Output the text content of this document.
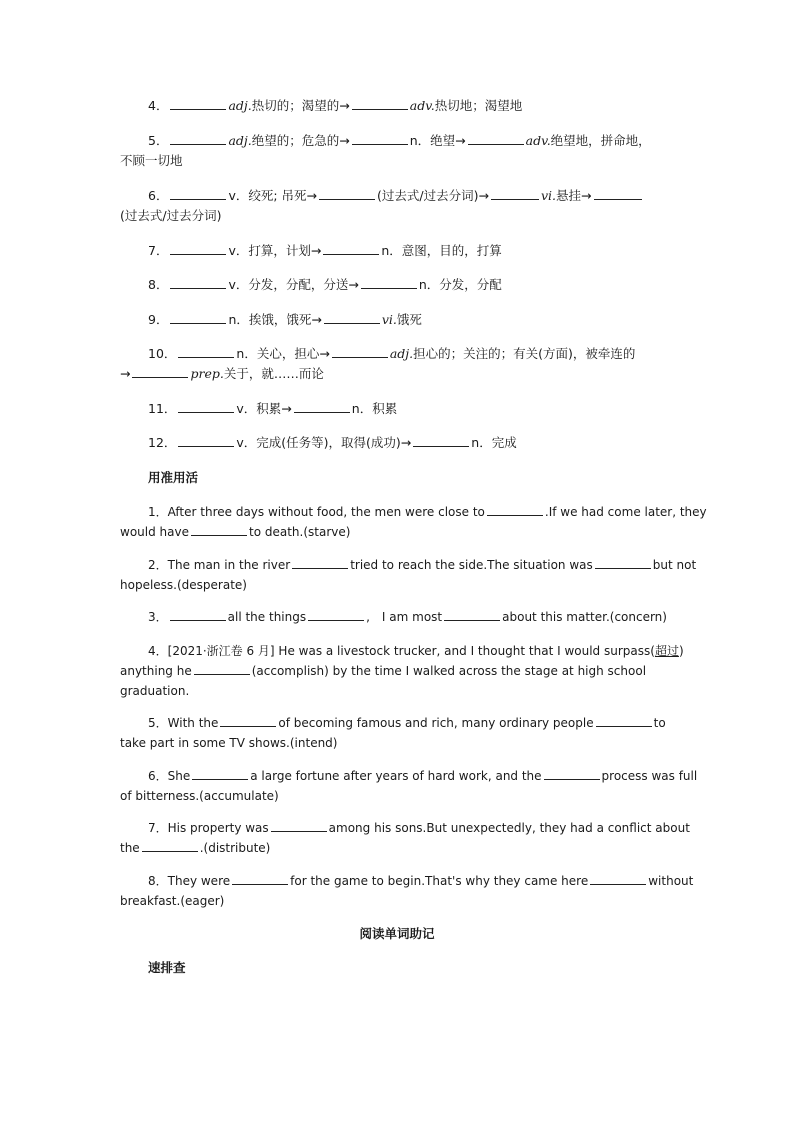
4．	adj.热切的；渴望的→	adv.热切地；渴望地
5．	adj.绝望的；危急的→	n．绝望→	adv.绝望地，拼命地，
不顾一切地
6．	v．绞死; 吊死→	(过去式/过去分词)→	vi.悬挂→
(过去式/过去分词)
7．	v．打算，计划→	n．意图，目的，打算
8．	v．分发，分配，分送→	n．分发，分配
9．	n．挨饿，饿死→	vi.饿死
10．	n．关心，担心→	adj.担心的；关注的；有关(方面)，被牵连的
→	prep.关于，就……而论
11．	v．积累→	n．积累
12．	v．完成(任务等)，取得(成功)→	n．完成
用准用活
1．After three days without food, the men were close to	.If we had come later, they
would have	to death.(starve)
2．The man in the river	tried to reach the side.The situation was	but not
hopeless.(desperate)
3．	all the things	,　I am most	about this matter.(concern)
4．[2021·浙江卷 6 月] He was a livestock trucker, and I thought that I would surpass(超过)
anything he	(accomplish) by the time I walked across the stage at high school
graduation.
5．With the	of becoming famous and rich, many ordinary people	to
take part in some TV shows.(intend)
6．She	a large fortune after years of hard work, and the	process was full
of bitterness.(accumulate)
7．His property was	among his sons.But unexpectedly, they had a conflict about
the	.(distribute)
8．They were	for the game to begin.That's why they came here	without
breakfast.(eager)
阅读单词助记
速排查
